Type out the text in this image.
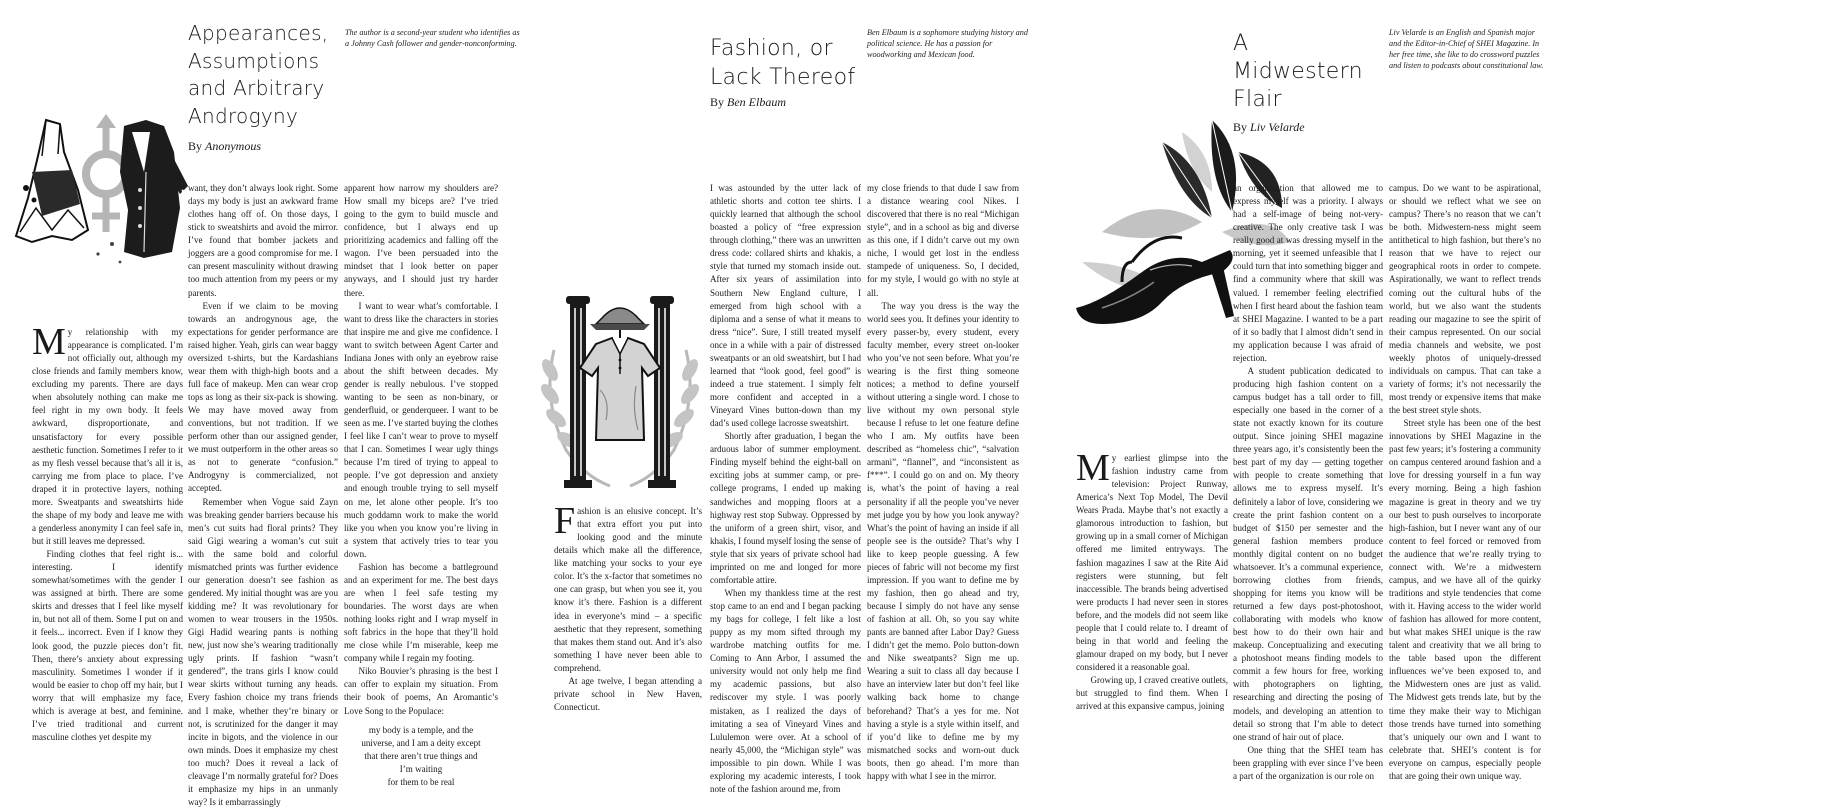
Appearances,
Assumptions
and Arbitrary
Androgyny
By Anonymous

The author is a second-year student who identifies as a Johnny Cash follower and gender-nonconforming.

My relationship with my appearance is complicated. I’m not officially out, although my close friends and family members know, excluding my parents. There are days when absolutely nothing can make me feel right in my own body. It feels awkward, disproportionate, and unsatisfactory for every possible aesthetic function. Sometimes I refer to it as my flesh vessel because that’s all it is, carrying me from place to place. I’ve draped it in protective layers, nothing more. Sweatpants and sweatshirts hide the shape of my body and leave me with a genderless anonymity I can feel safe in, but it still leaves me depressed.

Finding clothes that feel right is... interesting. I identify somewhat/sometimes with the gender I was assigned at birth. There are some skirts and dresses that I feel like myself in, but not all of them. Some I put on and it feels... incorrect. Even if I know they look good, the puzzle pieces don’t fit. Then, there’s anxiety about expressing masculinity. Sometimes I wonder if it would be easier to chop off my hair, but I worry that will emphasize my face, which is average at best, and feminine. I’ve tried traditional and current masculine clothes yet despite my

want, they don’t always look right. Some days my body is just an awkward frame clothes hang off of. On those days, I stick to sweatshirts and avoid the mirror. I’ve found that bomber jackets and joggers are a good compromise for me. I can present masculinity without drawing too much attention from my peers or my parents.

Even if we claim to be moving towards an androgynous age, the expectations for gender performance are raised higher. Yeah, girls can wear baggy oversized t-shirts, but the Kardashians wear them with thigh-high boots and a full face of makeup. Men can wear crop tops as long as their six-pack is showing. We may have moved away from conventions, but not tradition. If we perform other than our assigned gender, we must outperform in the other areas so as not to generate “confusion.” Androgyny is commercialized, not accepted.

Remember when Vogue said Zayn was breaking gender barriers because his men’s cut suits had floral prints? They said Gigi wearing a woman’s cut suit with the same bold and colorful mismatched prints was further evidence our generation doesn’t see fashion as gendered. My initial thought was are you kidding me? It was revolutionary for women to wear trousers in the 1950s. Gigi Hadid wearing pants is nothing new, just now she’s wearing traditionally ugly prints. If fashion “wasn’t gendered”, the trans girls I know could wear skirts without turning any heads. Every fashion choice my trans friends and I make, whether they’re binary or not, is scrutinized for the danger it may incite in bigots, and the violence in our own minds. Does it emphasize my chest too much? Does it reveal a lack of cleavage I’m normally grateful for? Does it emphasize my hips in an unmanly way? Is it embarrassingly

apparent how narrow my shoulders are? How small my biceps are? I’ve tried going to the gym to build muscle and confidence, but I always end up prioritizing academics and falling off the wagon. I’ve been persuaded into the mindset that I look better on paper anyways, and I should just try harder there.

I want to wear what’s comfortable. I want to dress like the characters in stories that inspire me and give me confidence. I want to switch between Agent Carter and Indiana Jones with only an eyebrow raise about the shift between decades. My gender is really nebulous. I’ve stopped wanting to be seen as non-binary, or genderfluid, or genderqueer. I want to be seen as me. I’ve started buying the clothes I feel like I can’t wear to prove to myself that I can. Sometimes I wear ugly things because I’m tired of trying to appeal to people. I’ve got depression and anxiety and enough trouble trying to sell myself on me, let alone other people. It’s too much goddamn work to make the world like you when you know you’re living in a system that actively tries to tear you down.

Fashion has become a battleground and an experiment for me. The best days are when I feel safe testing my boundaries. The worst days are when nothing looks right and I wrap myself in soft fabrics in the hope that they’ll hold me close while I’m miserable, keep me company while I regain my footing.

Niko Bouvier’s phrasing is the best I can offer to explain my situation. From their book of poems, An Aromantic’s Love Song to the Populace:

my body is a temple, and the
universe, and I am a deity except
that there aren’t true things and
I’m waiting
for them to be real
Fashion, or
Lack Thereof
By Ben Elbaum

Ben Elbaum is a sophomore studying history and political science. He has a passion for woodworking and Mexican food.

Fashion is an elusive concept. It’s that extra effort you put into looking good and the minute details which make all the difference, like matching your socks to your eye color. It’s the x-factor that sometimes no one can grasp, but when you see it, you know it’s there. Fashion is a different idea in everyone’s mind – a specific aesthetic that they represent, something that makes them stand out. And it’s also something I have never been able to comprehend.

At age twelve, I began attending a private school in New Haven, Connecticut.

I was astounded by the utter lack of athletic shorts and cotton tee shirts. I quickly learned that although the school boasted a policy of “free expression through clothing,” there was an unwritten dress code: collared shirts and khakis, a style that turned my stomach inside out. After six years of assimilation into Southern New England culture, I emerged from high school with a diploma and a sense of what it means to dress “nice”. Sure, I still treated myself once in a while with a pair of distressed sweatpants or an old sweatshirt, but I had learned that “look good, feel good” is indeed a true statement. I simply felt more confident and accepted in a Vineyard Vines button-down than my dad’s used college lacrosse sweatshirt.

Shortly after graduation, I began the arduous labor of summer employment. Finding myself behind the eight-ball on exciting jobs at summer camp, or pre-college programs, I ended up making sandwiches and mopping floors at a highway rest stop Subway. Oppressed by the uniform of a green shirt, visor, and khakis, I found myself losing the sense of style that six years of private school had imprinted on me and longed for more comfortable attire.

When my thankless time at the rest stop came to an end and I began packing my bags for college, I felt like a lost puppy as my mom sifted through my wardrobe matching outfits for me. Coming to Ann Arbor, I assumed the university would not only help me find my academic passions, but also rediscover my style. I was poorly mistaken, as I realized the days of imitating a sea of Vineyard Vines and Lululemon were over. At a school of nearly 45,000, the “Michigan style” was impossible to pin down. While I was exploring my academic interests, I took note of the fashion around me, from

my close friends to that dude I saw from a distance wearing cool Nikes. I discovered that there is no real “Michigan style”, and in a school as big and diverse as this one, if I didn’t carve out my own niche, I would get lost in the endless stampede of uniqueness. So, I decided, for my style, I would go with no style at all.

The way you dress is the way the world sees you. It defines your identity to every passer-by, every student, every faculty member, every street on-looker who you’ve not seen before. What you’re wearing is the first thing someone notices; a method to define yourself without uttering a single word. I chose to live without my own personal style because I refuse to let one feature define who I am. My outfits have been described as “homeless chic”, “salvation armani”, “flannel”, and “inconsistent as f***”. I could go on and on. My theory is, what’s the point of having a real personality if all the people you’ve never met judge you by how you look anyway? What’s the point of having an inside if all people see is the outside? That’s why I like to keep people guessing. A few pieces of fabric will not become my first impression. If you want to define me by my fashion, then go ahead and try, because I simply do not have any sense of fashion at all. Oh, so you say white pants are banned after Labor Day? Guess I didn’t get the memo. Polo button-down and Nike sweatpants? Sign me up. Wearing a suit to class all day because I have an interview later but don’t feel like walking back home to change beforehand? That’s a yes for me. Not having a style is a style within itself, and if you’d like to define me by my mismatched socks and worn-out duck boots, then go ahead. I’m more than happy with what I see in the mirror.

A
Midwestern
Flair
By Liv Velarde

Liv Velarde is an English and Spanish major and the Editor-in-Chief of SHEI Magazine. In her free time, she like to do crossword puzzles and listen to podcasts about constitutional law.

My earliest glimpse into the fashion industry came from television: Project Runway, America’s Next Top Model, The Devil Wears Prada. Maybe that’s not exactly a glamorous introduction to fashion, but growing up in a small corner of Michigan offered me limited entryways. The fashion magazines I saw at the Rite Aid registers were stunning, but felt inaccessible. The brands being advertised were products I had never seen in stores before, and the models did not seem like people that I could relate to. I dreamt of being in that world and feeling the glamour draped on my body, but I never considered it a reasonable goal.

Growing up, I craved creative outlets, but struggled to find them. When I arrived at this expansive campus, joining

an organization that allowed me to express myself was a priority. I always had a self-image of being not-very-creative. The only creative task I was really good at was dressing myself in the morning, yet it seemed unfeasible that I could turn that into something bigger and find a community where that skill was valued. I remember feeling electrified when I first heard about the fashion team at SHEI Magazine. I wanted to be a part of it so badly that I almost didn’t send in my application because I was afraid of rejection.

A student publication dedicated to producing high fashion content on a campus budget has a tall order to fill, especially one based in the corner of a state not exactly known for its couture output. Since joining SHEI magazine three years ago, it’s consistently been the best part of my day — getting together with people to create something that allows me to express myself. It’s definitely a labor of love, considering we create the print fashion content on a budget of $150 per semester and the general fashion members produce monthly digital content on no budget whatsoever. It’s a communal experience, borrowing clothes from friends, shopping for items you know will be returned a few days post-photoshoot, collaborating with models who know best how to do their own hair and makeup. Conceptualizing and executing a photoshoot means finding models to commit a few hours for free, working with photographers on lighting, researching and directing the posing of models, and developing an attention to detail so strong that I’m able to detect one strand of hair out of place.

One thing that the SHEI team has been grappling with ever since I’ve been a part of the organization is our role on

campus. Do we want to be aspirational, or should we reflect what we see on campus? There’s no reason that we can’t be both. Midwestern-ness might seem antithetical to high fashion, but there’s no reason that we have to reject our geographical roots in order to compete. Aspirationally, we want to reflect trends coming out the cultural hubs of the world, but we also want the students reading our magazine to see the spirit of their campus represented. On our social media channels and website, we post weekly photos of uniquely-dressed individuals on campus. That can take a variety of forms; it’s not necessarily the most trendy or expensive items that make the best street style shots.

Street style has been one of the best innovations by SHEI Magazine in the past few years; it’s fostering a community on campus centered around fashion and a love for dressing yourself in a fun way every morning. Being a high fashion magazine is great in theory and we try our best to push ourselves to incorporate high-fashion, but I never want any of our content to feel forced or removed from the audience that we’re really trying to connect with. We’re a midwestern campus, and we have all of the quirky traditions and style tendencies that come with it. Having access to the wider world of fashion has allowed for more content, but what makes SHEI unique is the raw talent and creativity that we all bring to the table based upon the different influences we’ve been exposed to, and the Midwestern ones are just as valid. The Midwest gets trends late, but by the time they make their way to Michigan those trends have turned into something that’s uniquely our own and I want to celebrate that. SHEI’s content is for everyone on campus, especially people that are going their own unique way.
